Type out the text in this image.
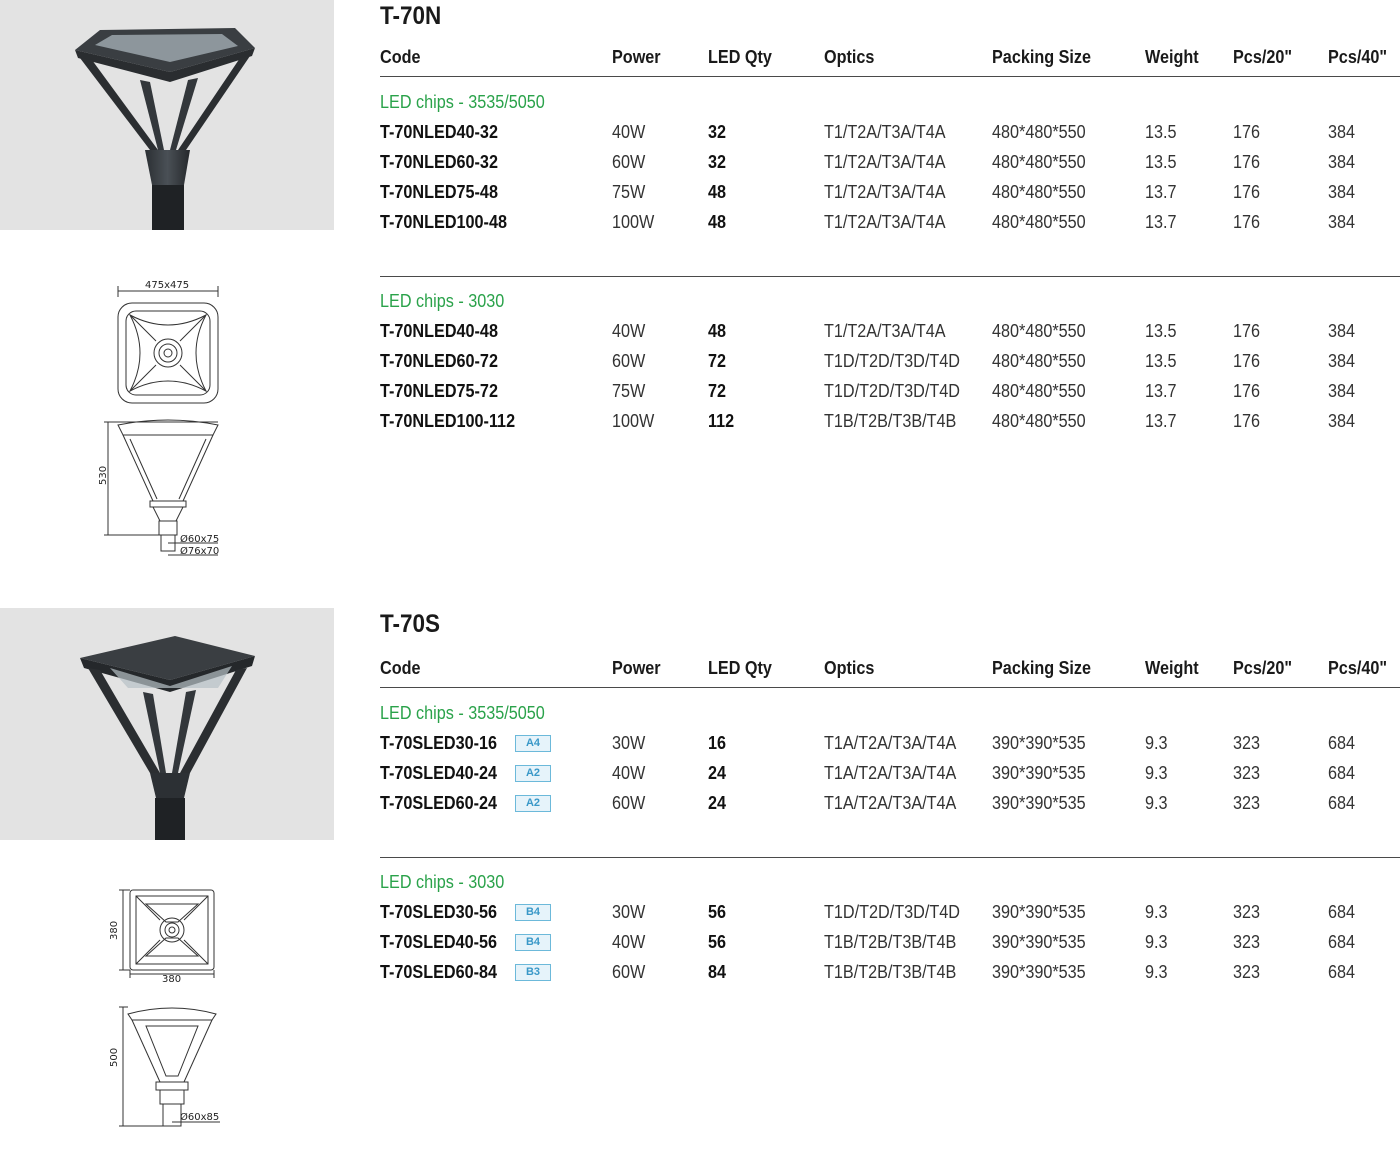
475x475
530
Ø60x75
Ø76x70
380
380
500
Ø60x85
T-70N
Code	Power	LED Qty	Optics	Packing Size	Weight Pcs/20" Pcs/40"
LED chips - 3535/5050
T-70NLED40-32	40W	32	T1/T2A/T3A/T4A	480*480*550	13.5	176	384
T-70NLED60-32	60W	32	T1/T2A/T3A/T4A	480*480*550	13.5	176	384
T-70NLED75-48	75W	48	T1/T2A/T3A/T4A	480*480*550	13.7	176	384
T-70NLED100-48	100W	48	T1/T2A/T3A/T4A	480*480*550	13.7	176	384
LED chips - 3030
T-70NLED40-48	40W	48	T1/T2A/T3A/T4A	480*480*550	13.5	176	384
T-70NLED60-72	60W	72	T1D/T2D/T3D/T4D 480*480*550	13.5	176	384
T-70NLED75-72	75W	72	T1D/T2D/T3D/T4D 480*480*550	13.7	176	384
T-70NLED100-112	100W	112	T1B/T2B/T3B/T4B 480*480*550	13.7	176	384
T-70S
Code	Power	LED Qty	Optics	Packing Size	Weight Pcs/20" Pcs/40"
LED chips - 3535/5050
T-70SLED30-16	A4	30W	16	T1A/T2A/T3A/T4A 390*390*535	9.3	323	684
T-70SLED40-24	A2	40W	24	T1A/T2A/T3A/T4A 390*390*535	9.3	323	684
T-70SLED60-24	A2	60W	24	T1A/T2A/T3A/T4A 390*390*535	9.3	323	684
LED chips - 3030
T-70SLED30-56	B4	30W	56	T1D/T2D/T3D/T4D 390*390*535	9.3	323	684
T-70SLED40-56	B4	40W	56	T1B/T2B/T3B/T4B 390*390*535	9.3	323	684
T-70SLED60-84	B3	60W	84	T1B/T2B/T3B/T4B 390*390*535	9.3	323	684
